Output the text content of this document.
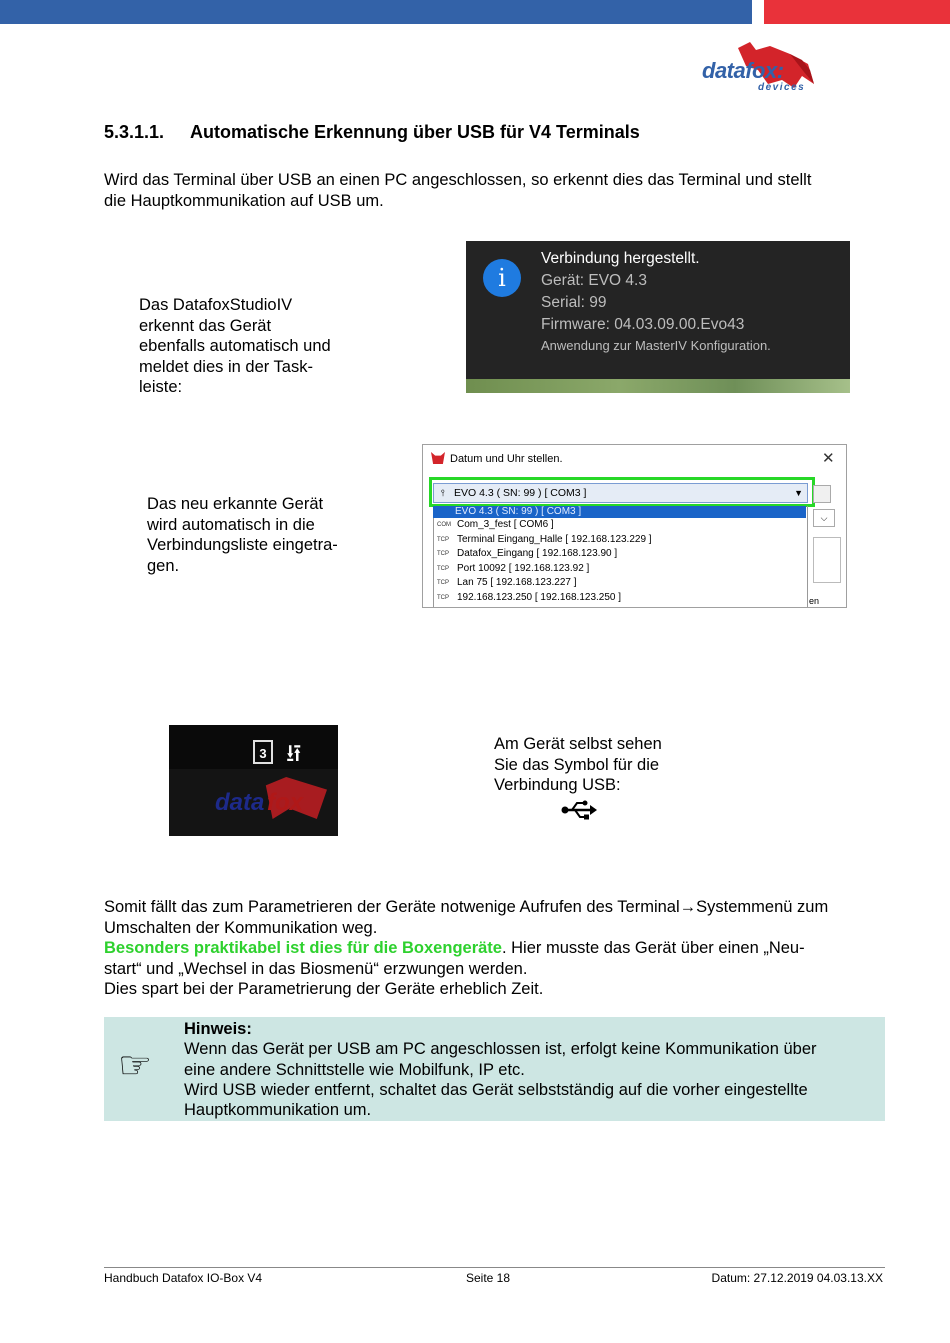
datafox:
devices
5.3.1.1. Automatische Erkennung über USB für V4 Terminals
Wird das Terminal über USB an einen PC angeschlossen, so erkennt dies das Terminal und stellt
die Hauptkommunikation auf USB um.
Das DatafoxStudioIV
erkennt das Gerät
ebenfalls automatisch und
meldet dies in der Task-
leiste:
i
Verbindung hergestellt.
Gerät: EVO 4.3
Serial: 99
Firmware: 04.03.09.00.Evo43
Anwendung zur MasterIV Konfiguration.
Das neu erkannte Gerät
wird automatisch in die
Verbindungsliste eingetra-
gen.
Datum und Uhr stellen.	✕
⫯ EVO 4.3 ( SN: 99 ) [ COM3 ]	▼
EVO 4.3 ( SN: 99 ) [ COM3 ]
COM Com_3_fest [ COM6 ]
TCP Terminal Eingang_Halle [ 192.168.123.229 ]
TCP Datafox_Eingang [ 192.168.123.90 ]
TCP Port 10092 [ 192.168.123.92 ]
TCP Lan 75 [ 192.168.123.227 ]
TCP 192.168.123.250 [ 192.168.123.250 ]
⌵
en
3 ⭿
data fox
Am Gerät selbst sehen
Sie das Symbol für die
Verbindung USB:
Somit fällt das zum Parametrieren der Geräte notwenige Aufrufen des Terminal→Systemmenü zum
Umschalten der Kommunikation weg.
Besonders praktikabel ist dies für die Boxengeräte. Hier musste das Gerät über einen „Neu-
start“ und „Wechsel in das Biosmenü“ erzwungen werden.
Dies spart bei der Parametrierung der Geräte erheblich Zeit.
☞
Hinweis:
Wenn das Gerät per USB am PC angeschlossen ist, erfolgt keine Kommunikation über
eine andere Schnittstelle wie Mobilfunk, IP etc.
Wird USB wieder entfernt, schaltet das Gerät selbstständig auf die vorher eingestellte
Hauptkommunikation um.
Handbuch Datafox IO-Box V4	Seite 18	Datum: 27.12.2019 04.03.13.XX
